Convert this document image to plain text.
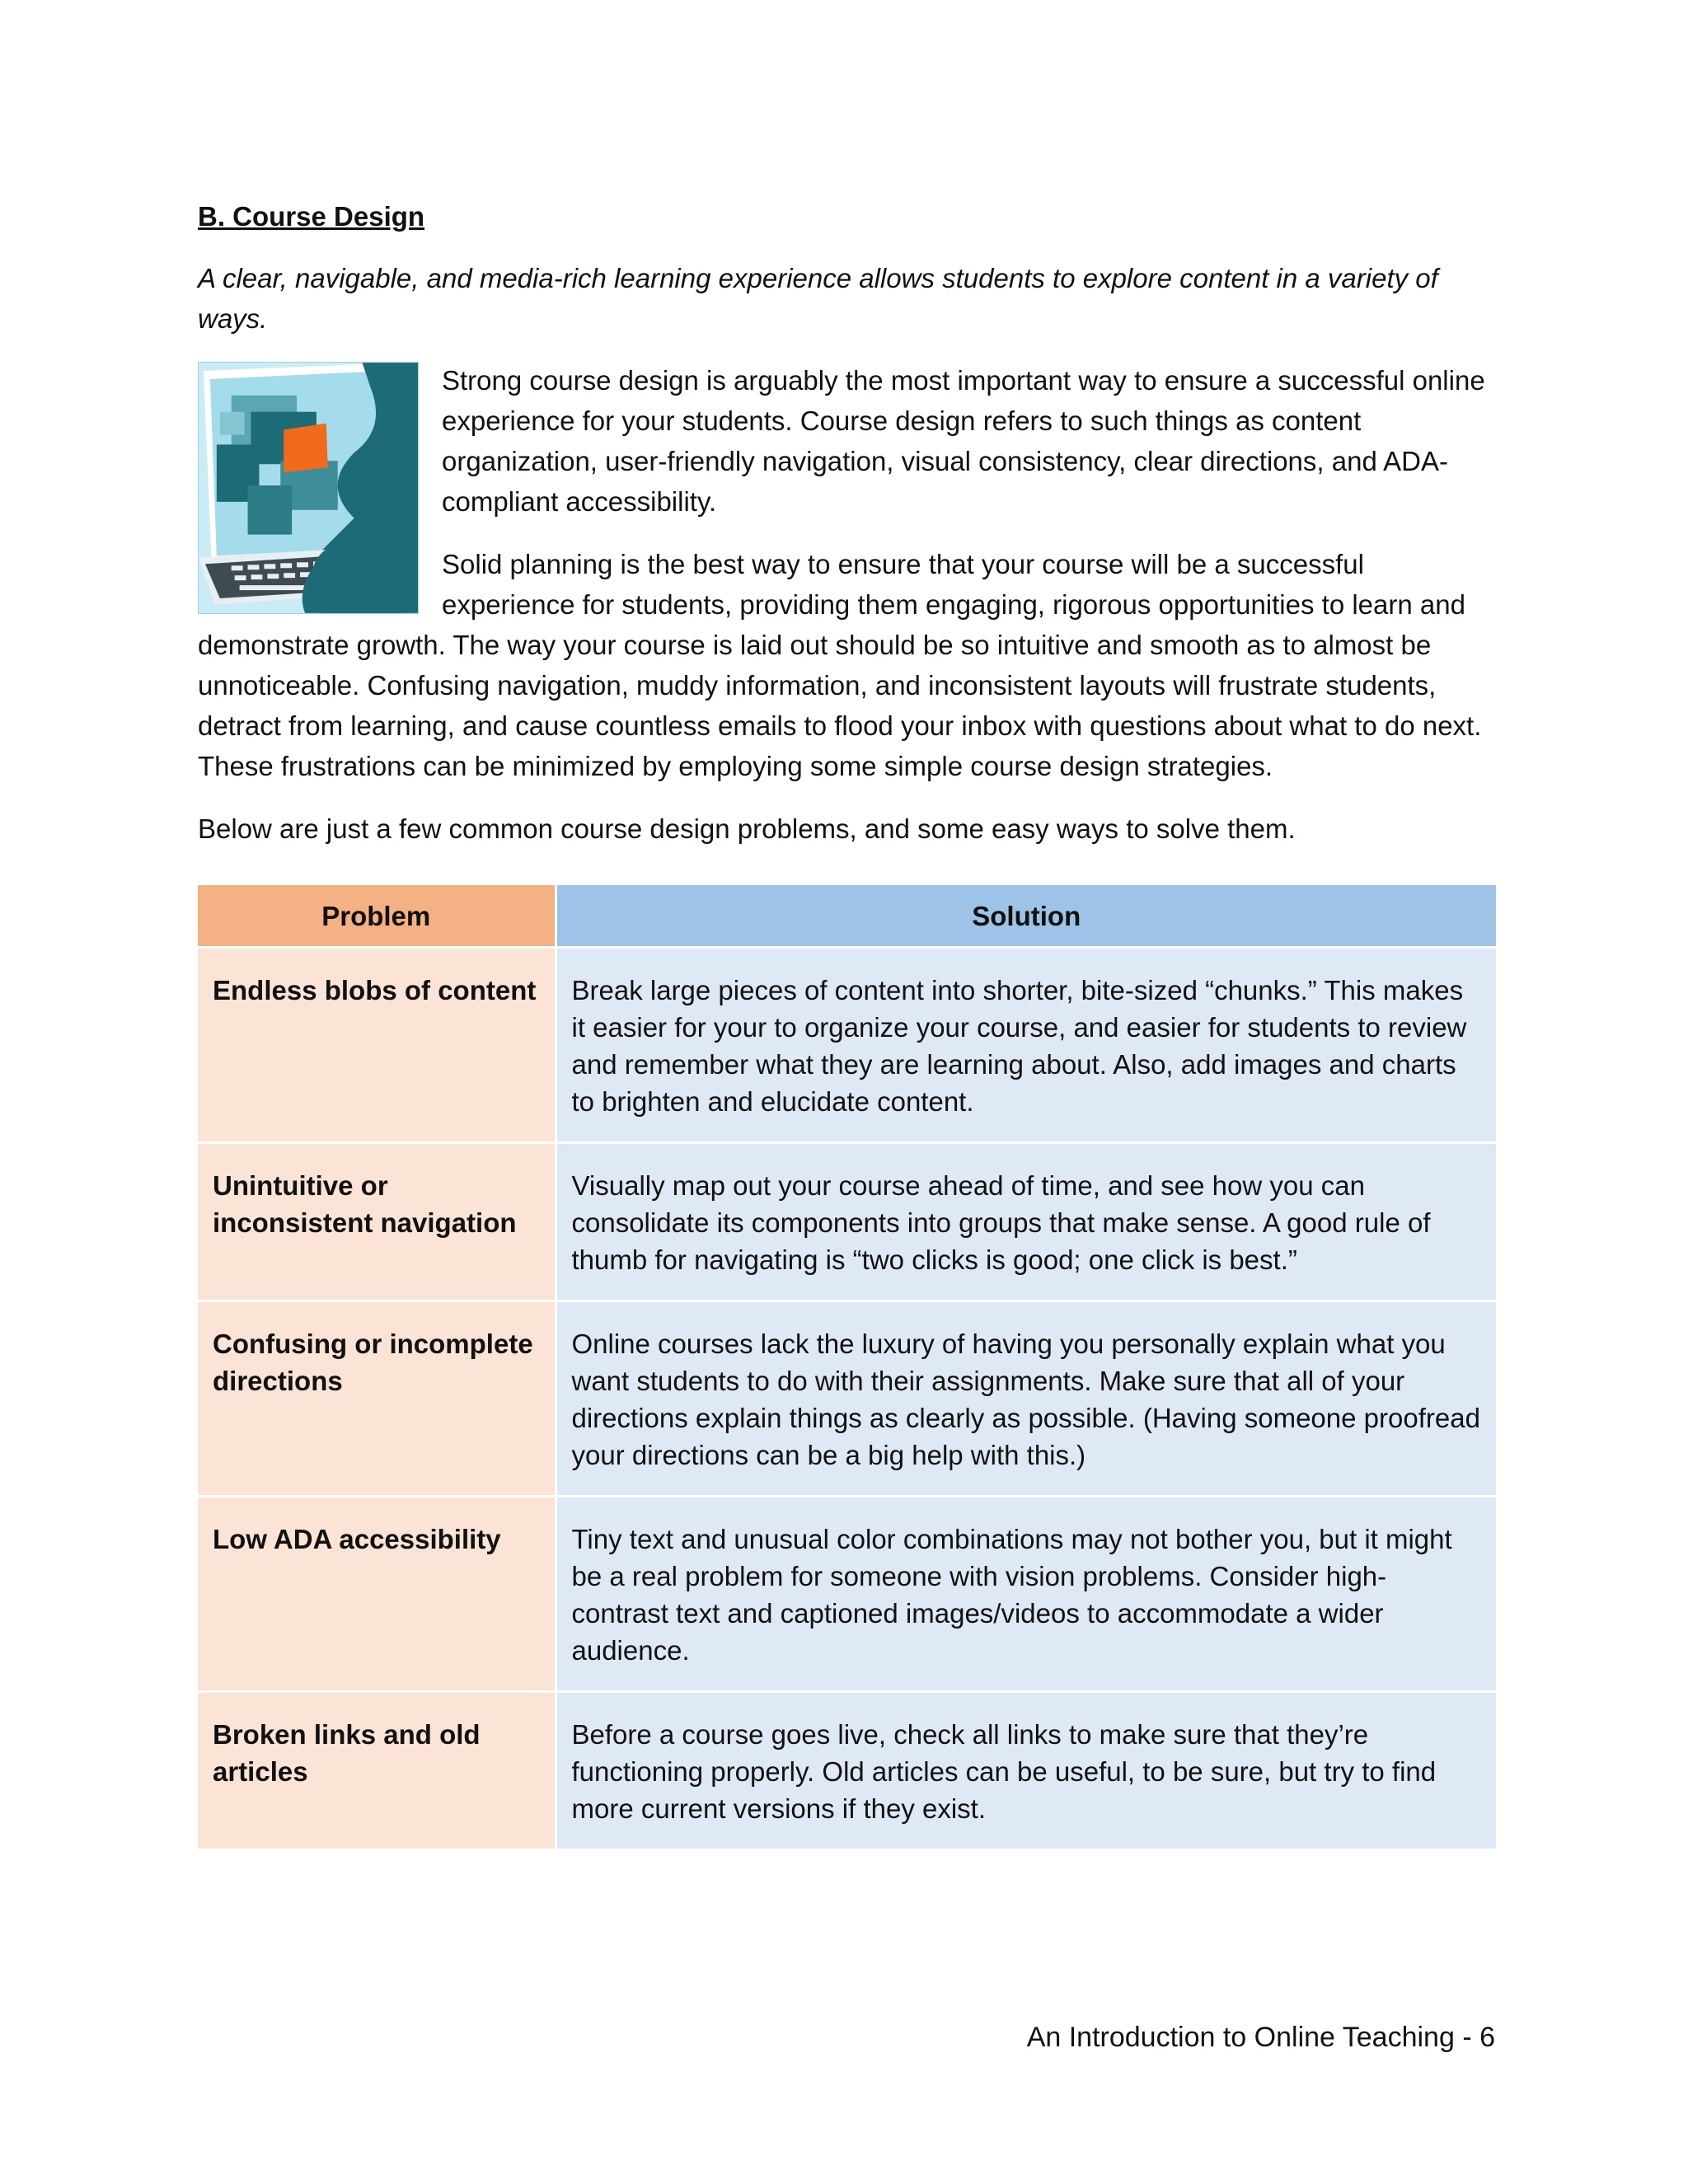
B. Course Design
A clear, navigable, and media-rich learning experience allows students to explore content in a variety of ways.

Strong course design is arguably the most important way to ensure a successful online experience for your students. Course design refers to such things as content organization, user-friendly navigation, visual consistency, clear directions, and ADA-compliant accessibility.

Solid planning is the best way to ensure that your course will be a successful experience for students, providing them engaging, rigorous opportunities to learn and demonstrate growth. The way your course is laid out should be so intuitive and smooth as to almost be unnoticeable. Confusing navigation, muddy information, and inconsistent layouts will frustrate students, detract from learning, and cause countless emails to flood your inbox with questions about what to do next. These frustrations can be minimized by employing some simple course design strategies.

Below are just a few common course design problems, and some easy ways to solve them.

Problem	Solution
Endless blobs of content	Break large pieces of content into shorter, bite-sized “chunks.” This makes it easier for your to organize your course, and easier for students to review and remember what they are learning about. Also, add images and charts to brighten and elucidate content.
Unintuitive or inconsistent navigation	Visually map out your course ahead of time, and see how you can consolidate its components into groups that make sense. A good rule of thumb for navigating is “two clicks is good; one click is best.”
Confusing or incomplete directions	Online courses lack the luxury of having you personally explain what you want students to do with their assignments. Make sure that all of your directions explain things as clearly as possible. (Having someone proofread your directions can be a big help with this.)
Low ADA accessibility	Tiny text and unusual color combinations may not bother you, but it might be a real problem for someone with vision problems. Consider high-contrast text and captioned images/videos to accommodate a wider audience.
Broken links and old articles	Before a course goes live, check all links to make sure that they’re functioning properly. Old articles can be useful, to be sure, but try to find more current versions if they exist.
An Introduction to Online Teaching - 6
